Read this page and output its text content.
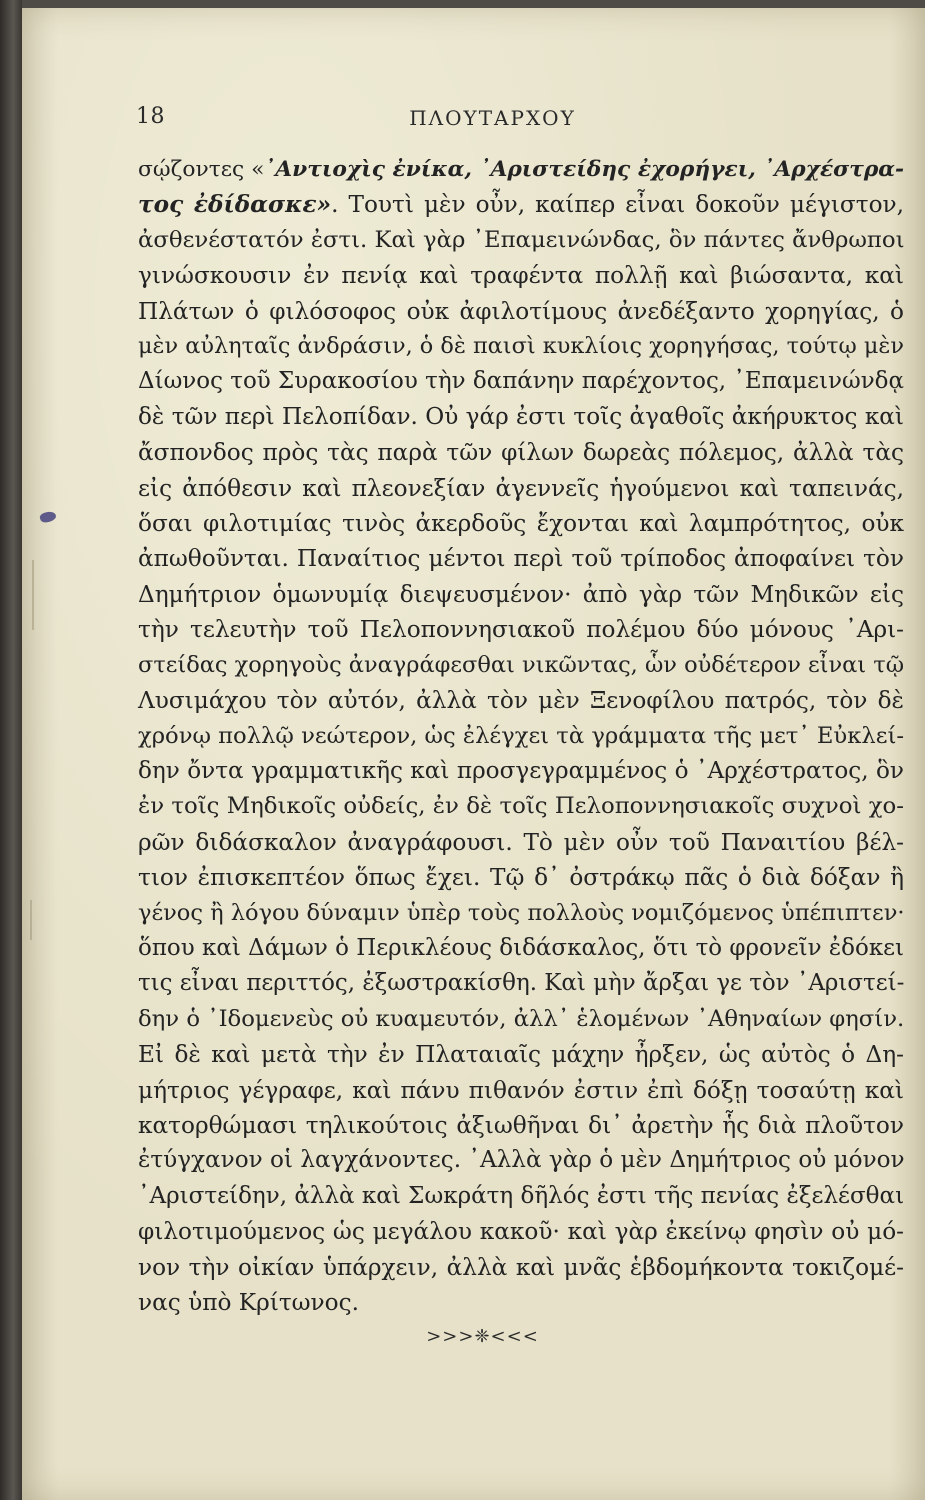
18	ΠΛΟΥΤΑΡΧΟΥ
σῴζοντες «᾿Αντιοχὶς ἐνίκα, ᾿Αριστείδης ἐχορήγει, ᾿Αρχέστρα-
τος ἐδίδασκε». Τουτὶ μὲν οὖν, καίπερ εἶναι δοκοῦν μέγιστον,
ἀσθενέστατόν ἐστι. Καὶ γὰρ ᾿Επαμεινώνδας, ὃν πάντες ἄνθρωποι
γινώσκουσιν ἐν πενίᾳ καὶ τραφέντα πολλῇ καὶ βιώσαντα, καὶ
Πλάτων ὁ φιλόσοφος οὐκ ἀφιλοτίμους ἀνεδέξαντο χορηγίας, ὁ
μὲν αὐληταῖς ἀνδράσιν, ὁ δὲ παισὶ κυκλίοις χορηγήσας, τούτῳ μὲν
Δίωνος τοῦ Συρακοσίου τὴν δαπάνην παρέχοντος, ᾿Επαμεινώνδᾳ
δὲ τῶν περὶ Πελοπίδαν. Οὐ γάρ ἐστι τοῖς ἀγαθοῖς ἀκήρυκτος καὶ
ἄσπονδος πρὸς τὰς παρὰ τῶν φίλων δωρεὰς πόλεμος, ἀλλὰ τὰς
εἰς ἀπόθεσιν καὶ πλεονεξίαν ἀγεννεῖς ἡγούμενοι καὶ ταπεινάς,
ὅσαι φιλοτιμίας τινὸς ἀκερδοῦς ἔχονται καὶ λαμπρότητος, οὐκ
ἀπωθοῦνται. Παναίτιος μέντοι περὶ τοῦ τρίποδος ἀποφαίνει τὸν
Δημήτριον ὁμωνυμίᾳ διεψευσμένον· ἀπὸ γὰρ τῶν Μηδικῶν εἰς
τὴν τελευτὴν τοῦ Πελοποννησιακοῦ πολέμου δύο μόνους ᾿Αρι-
στείδας χορηγοὺς ἀναγράφεσθαι νικῶντας, ὧν οὐδέτερον εἶναι τῷ
Λυσιμάχου τὸν αὐτόν, ἀλλὰ τὸν μὲν Ξενοφίλου πατρός, τὸν δὲ
χρόνῳ πολλῷ νεώτερον, ὡς ἐλέγχει τὰ γράμματα τῆς μετ᾿ Εὐκλεί-
δην ὄντα γραμματικῆς καὶ προσγεγραμμένος ὁ ᾿Αρχέστρατος, ὃν
ἐν τοῖς Μηδικοῖς οὐδείς, ἐν δὲ τοῖς Πελοποννησιακοῖς συχνοὶ χο-
ρῶν διδάσκαλον ἀναγράφουσι. Τὸ μὲν οὖν τοῦ Παναιτίου βέλ-
τιον ἐπισκεπτέον ὅπως ἔχει. Τῷ δ᾿ ὀστράκῳ πᾶς ὁ διὰ δόξαν ἢ
γένος ἢ λόγου δύναμιν ὑπὲρ τοὺς πολλοὺς νομιζόμενος ὑπέπιπτεν·
ὅπου καὶ Δάμων ὁ Περικλέους διδάσκαλος, ὅτι τὸ φρονεῖν ἐδόκει
τις εἶναι περιττός, ἐξωστρακίσθη. Καὶ μὴν ἄρξαι γε τὸν ᾿Αριστεί-
δην ὁ ᾿Ιδομενεὺς οὐ κυαμευτόν, ἀλλ᾿ ἑλομένων ᾿Αθηναίων φησίν.
Εἰ δὲ καὶ μετὰ τὴν ἐν Πλαταιαῖς μάχην ἦρξεν, ὡς αὐτὸς ὁ Δη-
μήτριος γέγραφε, καὶ πάνυ πιθανόν ἐστιν ἐπὶ δόξῃ τοσαύτῃ καὶ
κατορθώμασι τηλικούτοις ἀξιωθῆναι δι᾿ ἀρετὴν ἧς διὰ πλοῦτον
ἐτύγχανον οἱ λαγχάνοντες. ᾿Αλλὰ γὰρ ὁ μὲν Δημήτριος οὐ μόνον
᾿Αριστείδην, ἀλλὰ καὶ Σωκράτη δῆλός ἐστι τῆς πενίας ἐξελέσθαι
φιλοτιμούμενος ὡς μεγάλου κακοῦ· καὶ γὰρ ἐκείνῳ φησὶν οὐ μό-
νον τὴν οἰκίαν ὑπάρχειν, ἀλλὰ καὶ μνᾶς ἑβδομήκοντα τοκιζομέ-
νας ὑπὸ Κρίτωνος.
>>>❈<<<
